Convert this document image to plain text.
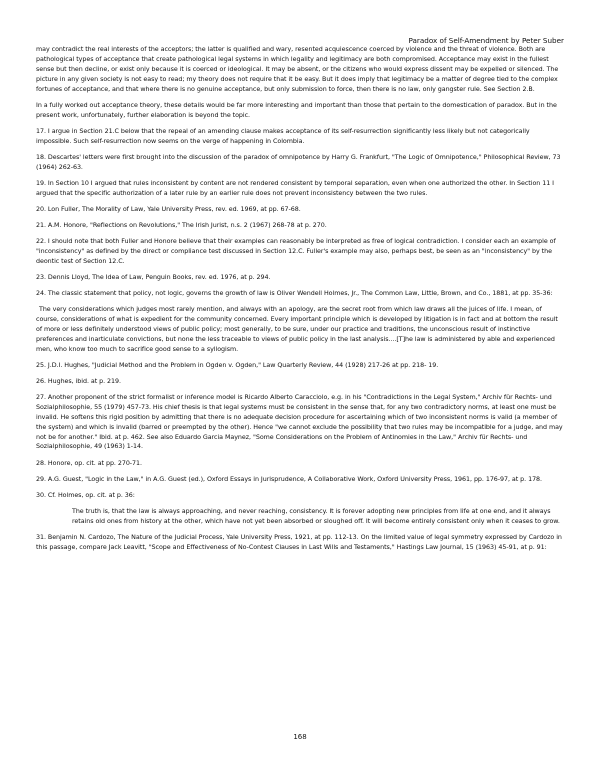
Paradox of Self-Amendment by Peter Suber

may contradict the real interests of the acceptors; the latter is qualified and wary, resented acquiescence coerced by violence and the threat of violence. Both are pathological types of acceptance that create pathological legal systems in which legality and legitimacy are both compromised. Acceptance may exist in the fullest sense but then decline, or exist only because it is coerced or ideological. It may be absent, or the citizens who would express dissent may be expelled or silenced. The picture in any given society is not easy to read; my theory does not require that it be easy. But it does imply that legitimacy be a matter of degree tied to the complex fortunes of acceptance, and that where there is no genuine acceptance, but only submission to force, then there is no law, only gangster rule. See Section 2.B.

In a fully worked out acceptance theory, these details would be far more interesting and important than those that pertain to the domestication of paradox. But in the present work, unfortunately, further elaboration is beyond the topic.

17. I argue in Section 21.C below that the repeal of an amending clause makes acceptance of its self-resurrection significantly less likely but not categorically impossible. Such self-resurrection now seems on the verge of happening in Colombia.

18. Descartes' letters were first brought into the discussion of the paradox of omnipotence by Harry G. Frankfurt, "The Logic of Omnipotence," Philosophical Review, 73 (1964) 262-63.

19. In Section 10 I argued that rules inconsistent by content are not rendered consistent by temporal separation, even when one authorized the other. In Section 11 I argued that the specific authorization of a later rule by an earlier rule does not prevent inconsistency between the two rules.

20. Lon Fuller, The Morality of Law, Yale University Press, rev. ed. 1969, at pp. 67-68.

21. A.M. Honore, "Reflections on Revolutions," The Irish Jurist, n.s. 2 (1967) 268-78 at p. 270.

22. I should note that both Fuller and Honore believe that their examples can reasonably be interpreted as free of logical contradiction. I consider each an example of "inconsistency" as defined by the direct or compliance test discussed in Section 12.C. Fuller's example may also, perhaps best, be seen as an "inconsistency" by the deontic test of Section 12.C.

23. Dennis Lloyd, The Idea of Law, Penguin Books, rev. ed. 1976, at p. 294.

24. The classic statement that policy, not logic, governs the growth of law is Oliver Wendell Holmes, Jr., The Common Law, Little, Brown, and Co., 1881, at pp. 35-36:

The very considerations which judges most rarely mention, and always with an apology, are the secret root from which law draws all the juices of life. I mean, of course, considerations of what is expedient for the community concerned. Every important principle which is developed by litigation is in fact and at bottom the result of more or less definitely understood views of public policy; most generally, to be sure, under our practice and traditions, the unconscious result of instinctive preferences and inarticulate convictions, but none the less traceable to views of public policy in the last analysis....[T]he law is administered by able and experienced men, who know too much to sacrifice good sense to a syllogism.

25. J.D.I. Hughes, "Judicial Method and the Problem in Ogden v. Ogden," Law Quarterly Review, 44 (1928) 217-26 at pp. 218- 19.

26. Hughes, ibid. at p. 219.

27. Another proponent of the strict formalist or inference model is Ricardo Alberto Caracciolo, e.g. in his "Contradictions in the Legal System," Archiv für Rechts- und Sozialphilosophie, 55 (1979) 457-73. His chief thesis is that legal systems must be consistent in the sense that, for any two contradictory norms, at least one must be invalid. He softens this rigid position by admitting that there is no adequate decision procedure for ascertaining which of two inconsistent norms is valid (a member of the system) and which is invalid (barred or preempted by the other). Hence "we cannot exclude the possibility that two rules may be incompatible for a judge, and may not be for another." Ibid. at p. 462. See also Eduardo Garcia Maynez, "Some Considerations on the Problem of Antinomies in the Law," Archiv für Rechts- und Sozialphilosophie, 49 (1963) 1-14.

28. Honore, op. cit. at pp. 270-71.

29. A.G. Guest, "Logic in the Law," in A.G. Guest (ed.), Oxford Essays in Jurisprudence, A Collaborative Work, Oxford University Press, 1961, pp. 176-97, at p. 178.

30. Cf. Holmes, op. cit. at p. 36:

The truth is, that the law is always approaching, and never reaching, consistency. It is forever adopting new principles from life at one end, and it always retains old ones from history at the other, which have not yet been absorbed or sloughed off. It will become entirely consistent only when it ceases to grow.

31. Benjamin N. Cardozo, The Nature of the Judicial Process, Yale University Press, 1921, at pp. 112-13. On the limited value of legal symmetry expressed by Cardozo in this passage, compare Jack Leavitt, "Scope and Effectiveness of No-Contest Clauses in Last Wills and Testaments," Hastings Law Journal, 15 (1963) 45-91, at p. 91:

168
